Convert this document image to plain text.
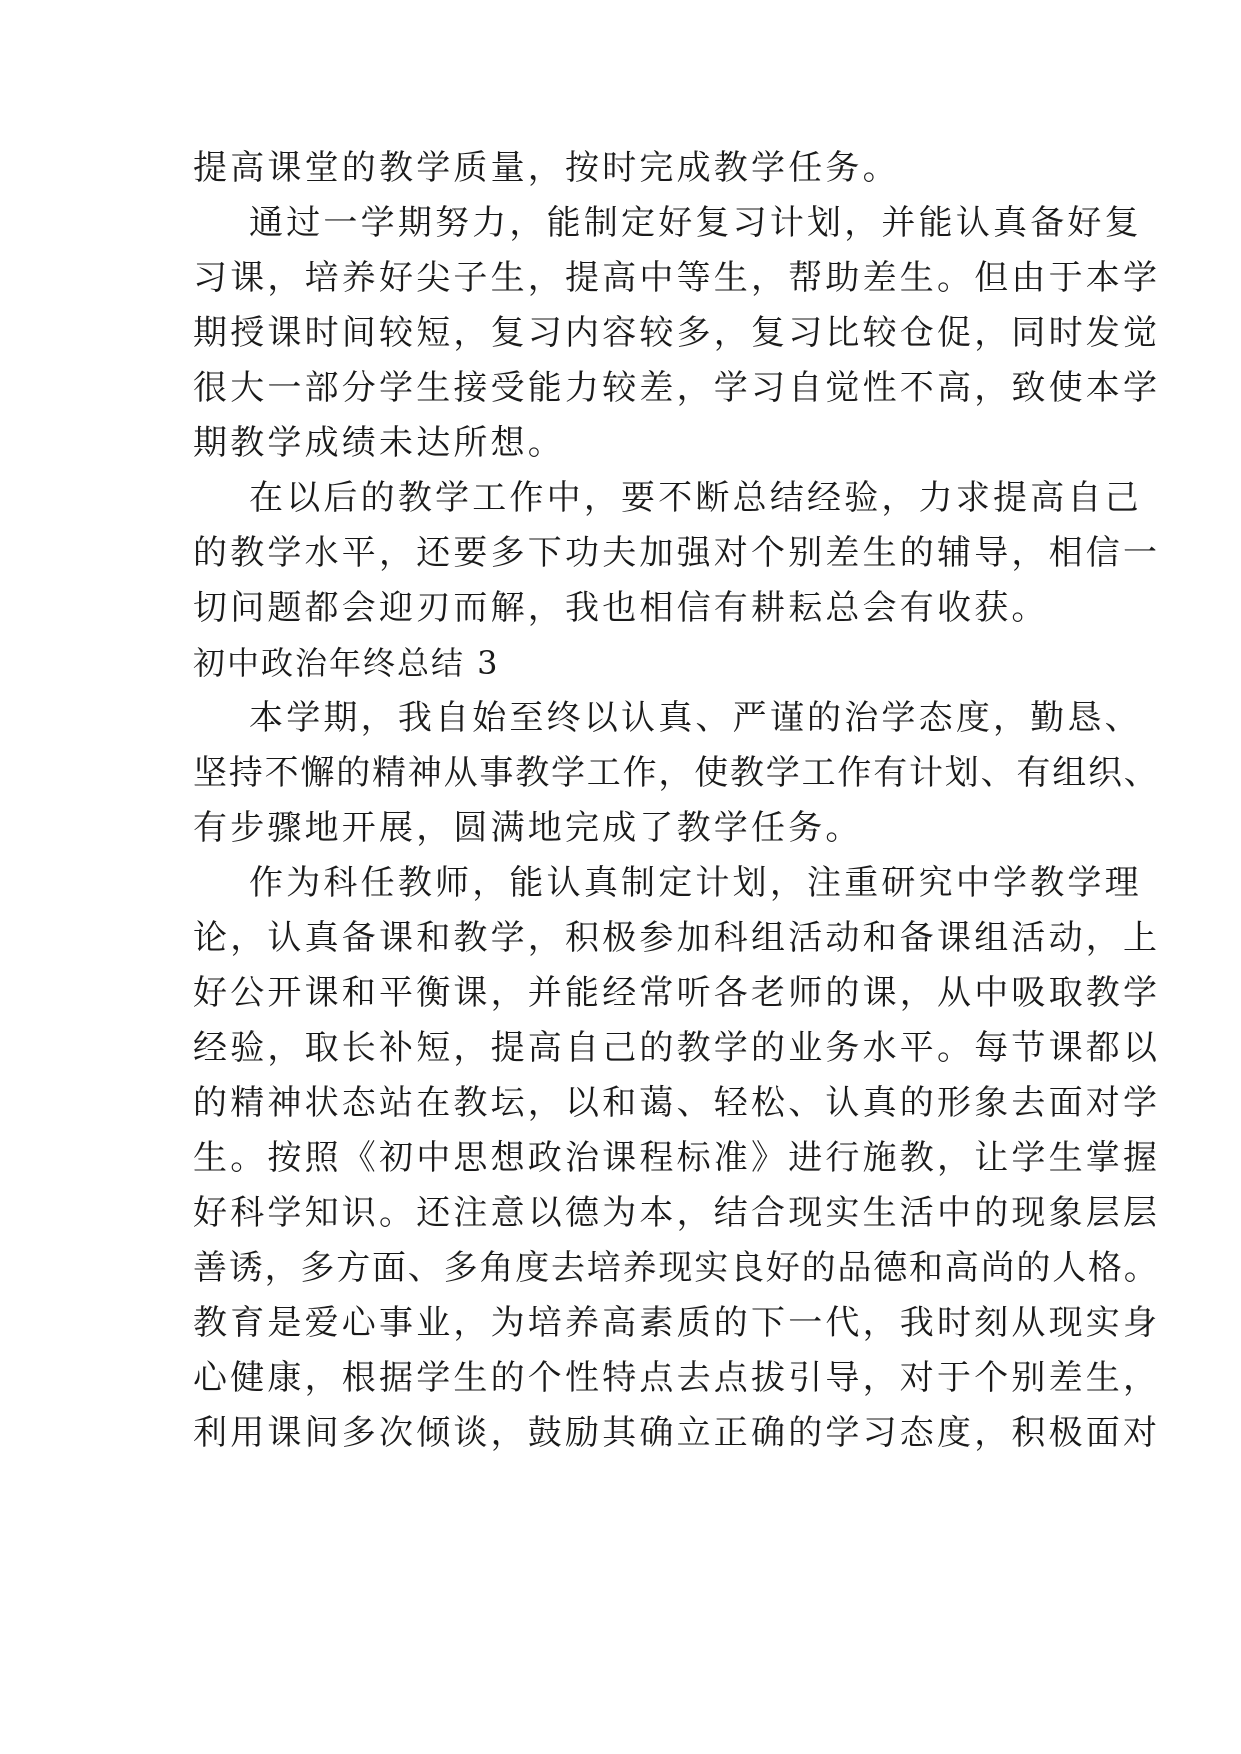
提高课堂的教学质量，按时完成教学任务。

通过一学期努力，能制定好复习计划，并能认真备好复

习课，培养好尖子生，提高中等生，帮助差生。但由于本学

期授课时间较短，复习内容较多，复习比较仓促，同时发觉

很大一部分学生接受能力较差，学习自觉性不高，致使本学

期教学成绩未达所想。

在以后的教学工作中，要不断总结经验，力求提高自己

的教学水平，还要多下功夫加强对个别差生的辅导，相信一

切问题都会迎刃而解，我也相信有耕耘总会有收获。

初中政治年终总结 3

本学期，我自始至终以认真、严谨的治学态度，勤恳、

坚持不懈的精神从事教学工作，使教学工作有计划、有组织、

有步骤地开展，圆满地完成了教学任务。

作为科任教师，能认真制定计划，注重研究中学教学理

论，认真备课和教学，积极参加科组活动和备课组活动，上

好公开课和平衡课，并能经常听各老师的课，从中吸取教学

经验，取长补短，提高自己的教学的业务水平。每节课都以

的精神状态站在教坛，以和蔼、轻松、认真的形象去面对学

生。按照《初中思想政治课程标准》进行施教，让学生掌握

好科学知识。还注意以德为本，结合现实生活中的现象层层

善诱，多方面、多角度去培养现实良好的品德和高尚的人格。

教育是爱心事业，为培养高素质的下一代，我时刻从现实身

心健康，根据学生的个性特点去点拔引导，对于个别差生，

利用课间多次倾谈，鼓励其确立正确的学习态度，积极面对
